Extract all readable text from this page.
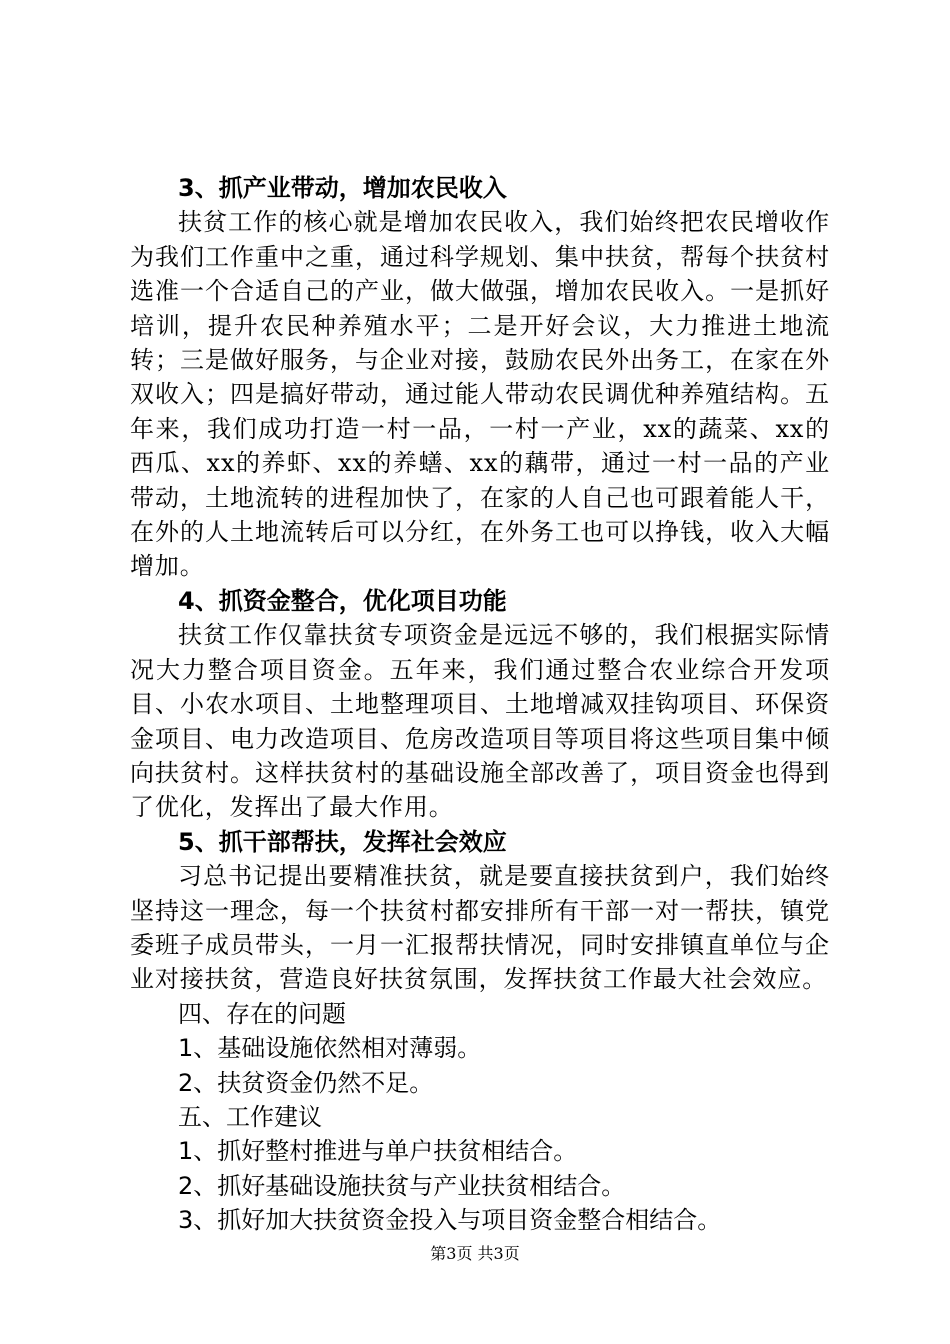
3、抓产业带动，增加农民收入
扶贫工作的核心就是增加农民收入，我们始终把农民增收作为我们工作重中之重，通过科学规划、集中扶贫，帮每个扶贫村选准一个合适自己的产业，做大做强，增加农民收入。一是抓好培训，提升农民种养殖水平；二是开好会议，大力推进土地流转；三是做好服务，与企业对接，鼓励农民外出务工，在家在外双收入；四是搞好带动，通过能人带动农民调优种养殖结构。五年来，我们成功打造一村一品，一村一产业，xx的蔬菜、xx的西瓜、xx的养虾、xx的养蟮、xx的藕带，通过一村一品的产业带动，土地流转的进程加快了，在家的人自己也可跟着能人干，在外的人土地流转后可以分红，在外务工也可以挣钱，收入大幅增加。
4、抓资金整合，优化项目功能
扶贫工作仅靠扶贫专项资金是远远不够的，我们根据实际情况大力整合项目资金。五年来，我们通过整合农业综合开发项目、小农水项目、土地整理项目、土地增减双挂钩项目、环保资金项目、电力改造项目、危房改造项目等项目将这些项目集中倾向扶贫村。这样扶贫村的基础设施全部改善了，项目资金也得到了优化，发挥出了最大作用。
5、抓干部帮扶，发挥社会效应
习总书记提出要精准扶贫，就是要直接扶贫到户，我们始终坚持这一理念，每一个扶贫村都安排所有干部一对一帮扶，镇党委班子成员带头，一月一汇报帮扶情况，同时安排镇直单位与企业对接扶贫，营造良好扶贫氛围，发挥扶贫工作最大社会效应。
四、存在的问题
1、基础设施依然相对薄弱。
2、扶贫资金仍然不足。
五、工作建议
1、抓好整村推进与单户扶贫相结合。
2、抓好基础设施扶贫与产业扶贫相结合。
3、抓好加大扶贫资金投入与项目资金整合相结合。
第3页 共3页
